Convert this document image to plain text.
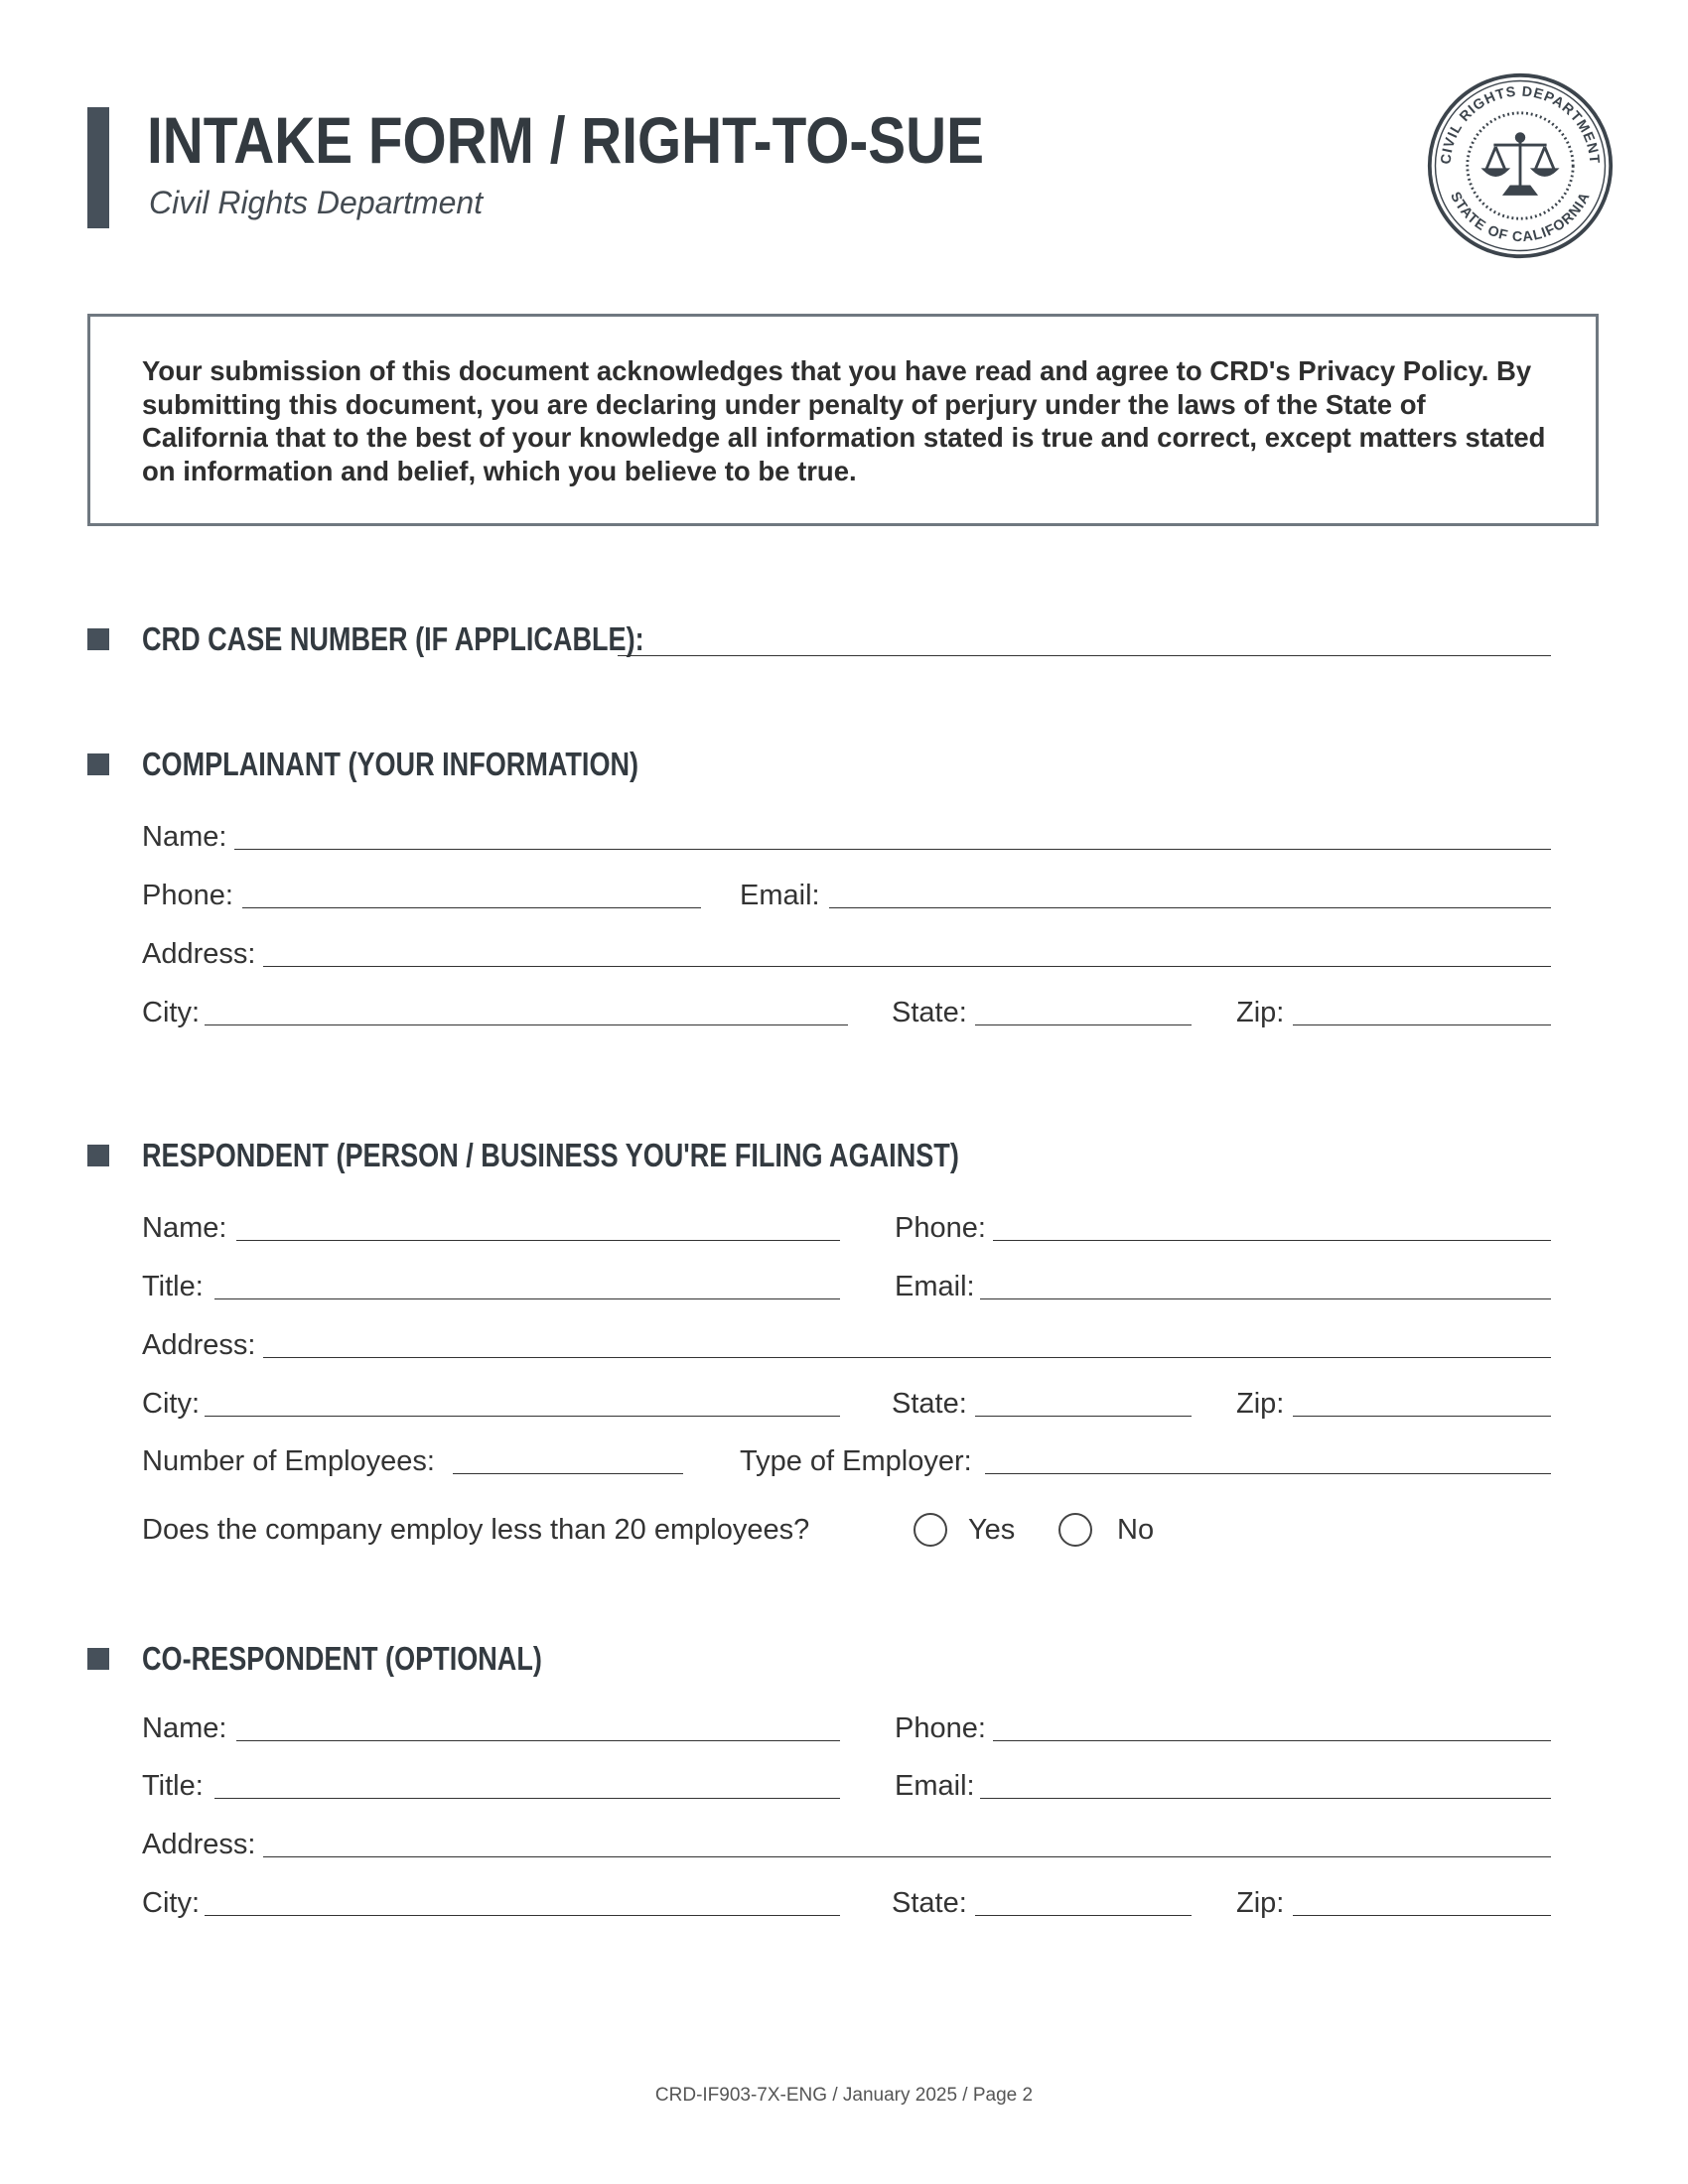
INTAKE FORM / RIGHT-TO-SUE
Civil Rights Department
CIVIL RIGHTS DEPARTMENT
STATE OF CALIFORNIA
Your submission of this document acknowledges that you have read and agree to CRD's Privacy Policy. By submitting this document, you are declaring under penalty of perjury under the laws of the State of California that to the best of your knowledge all information stated is true and correct, except matters stated on information and belief, which you believe to be true.
CRD CASE NUMBER (IF APPLICABLE):
COMPLAINANT (YOUR INFORMATION)
Name:
Phone:	Email:
Address:
City:	State:	Zip:
RESPONDENT (PERSON / BUSINESS YOU'RE FILING AGAINST)
Name:	Phone:
Title:	Email:
Address:
City:	State:	Zip:
Number of Employees:	Type of Employer:
Does the company employ less than 20 employees?	Yes	No
CO-RESPONDENT (OPTIONAL)
Name:	Phone:
Title:	Email:
Address:
City:	State:	Zip:
CRD-IF903-7X-ENG / January 2025 / Page 2
